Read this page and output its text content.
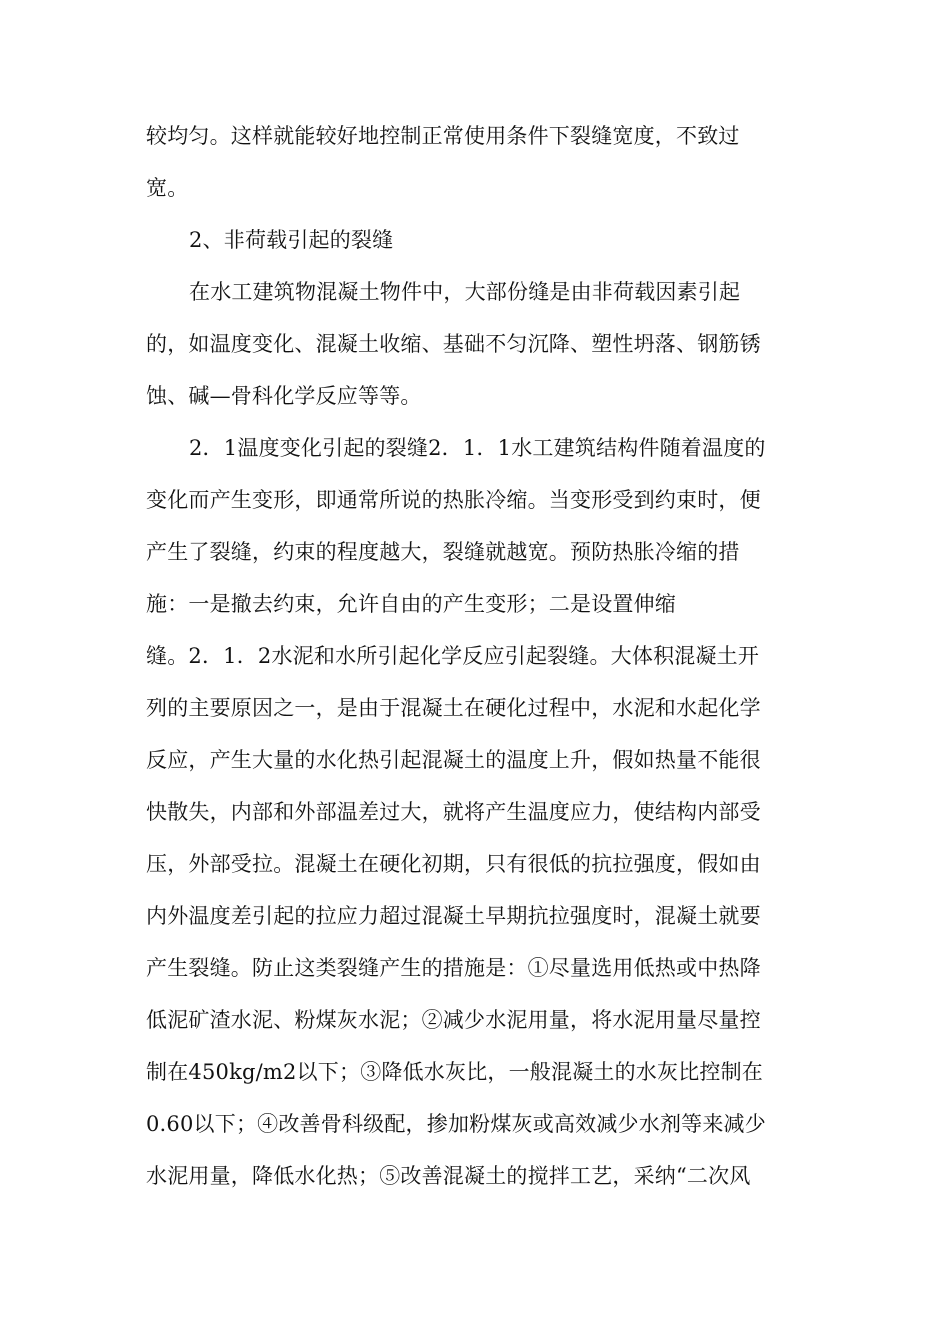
较均匀。这样就能较好地控制正常使用条件下裂缝宽度，不致过
宽。
2、非荷载引起的裂缝
在水工建筑物混凝土物件中，大部份缝是由非荷载因素引起
的，如温度变化、混凝土收缩、基础不匀沉降、塑性坍落、钢筋锈
蚀、碱—骨科化学反应等等。
2．1温度变化引起的裂缝2．1．1水工建筑结构件随着温度的
变化而产生变形，即通常所说的热胀冷缩。当变形受到约束时，便
产生了裂缝，约束的程度越大，裂缝就越宽。预防热胀冷缩的措
施：一是撤去约束，允许自由的产生变形；二是设置伸缩
缝。2．1．2水泥和水所引起化学反应引起裂缝。大体积混凝土开
列的主要原因之一，是由于混凝土在硬化过程中，水泥和水起化学
反应，产生大量的水化热引起混凝土的温度上升，假如热量不能很
快散失，内部和外部温差过大，就将产生温度应力，使结构内部受
压，外部受拉。混凝土在硬化初期，只有很低的抗拉强度，假如由
内外温度差引起的拉应力超过混凝土早期抗拉强度时，混凝土就要
产生裂缝。防止这类裂缝产生的措施是：①尽量选用低热或中热降
低泥矿渣水泥、粉煤灰水泥；②减少水泥用量，将水泥用量尽量控
制在450kg/m2以下；③降低水灰比，一般混凝土的水灰比控制在
0.60以下；④改善骨科级配，掺加粉煤灰或高效减少水剂等来减少
水泥用量，降低水化热；⑤改善混凝土的搅拌工艺，采纳“二次风
